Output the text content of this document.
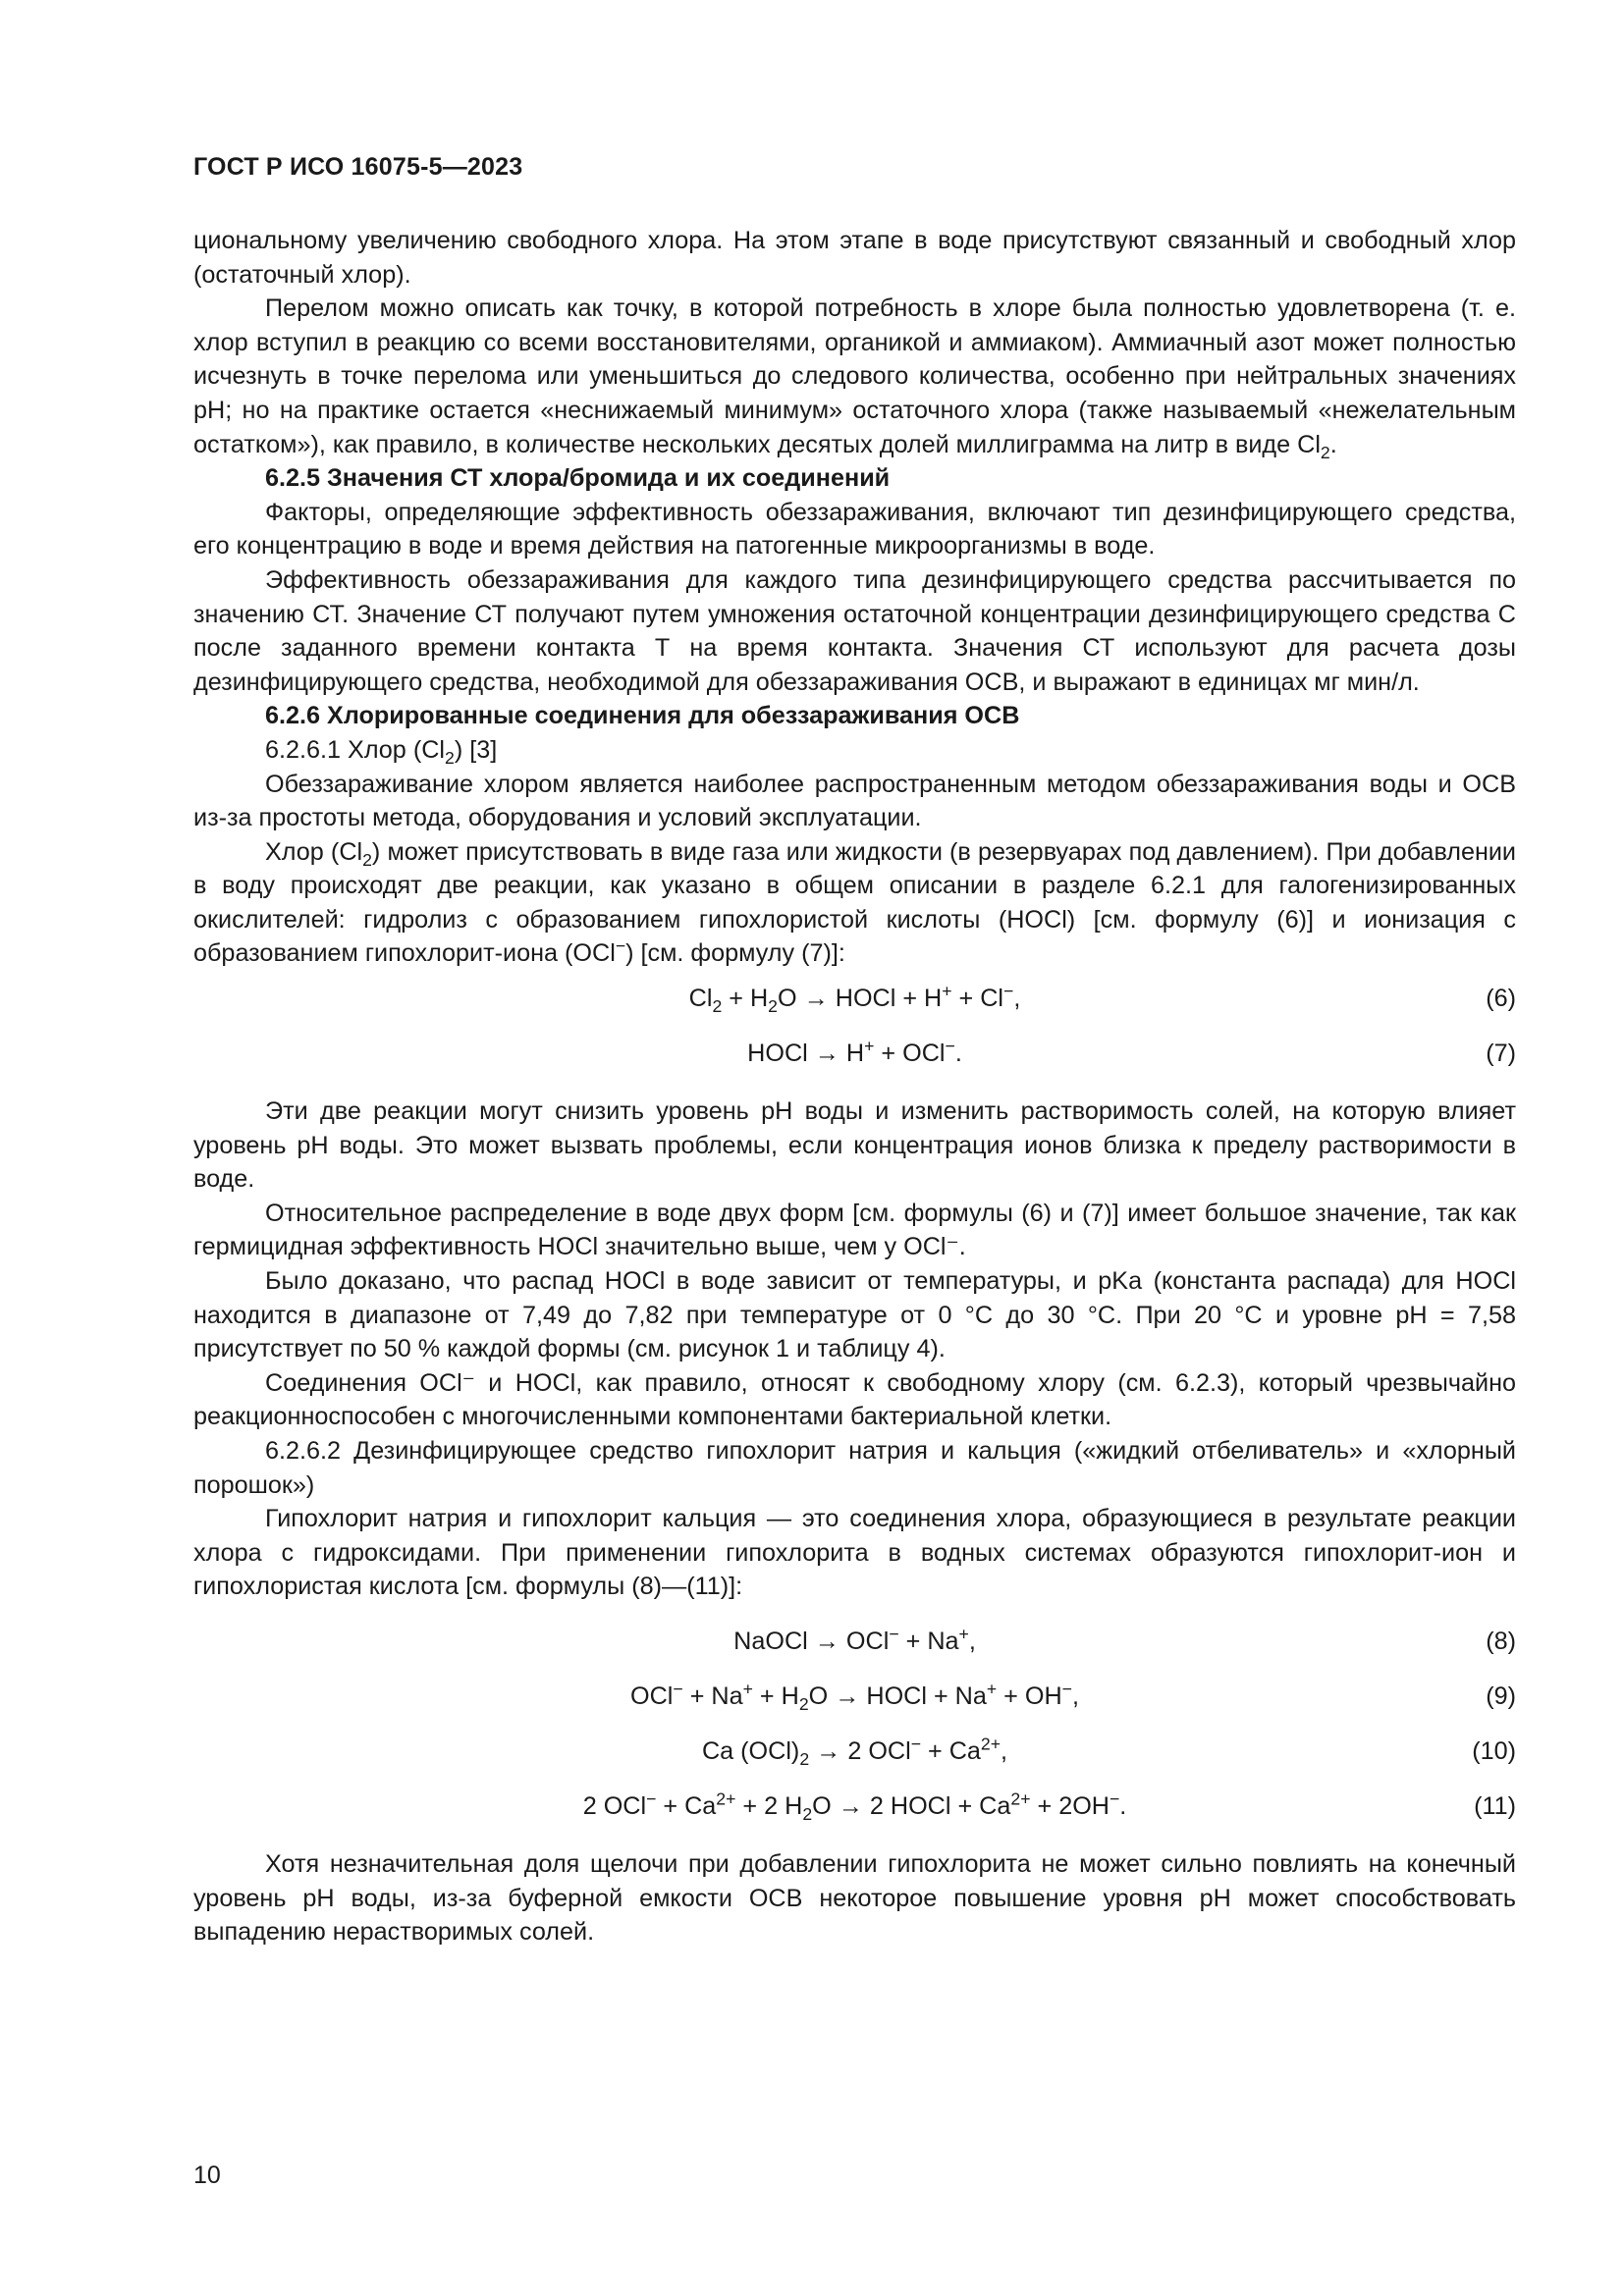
ГОСТ Р ИСО 16075-5—2023

циональному увеличению свободного хлора. На этом этапе в воде присутствуют связанный и свободный хлор (остаточный хлор).

Перелом можно описать как точку, в которой потребность в хлоре была полностью удовлетворена (т. е. хлор вступил в реакцию со всеми восстановителями, органикой и аммиаком). Аммиачный азот может полностью исчезнуть в точке перелома или уменьшиться до следового количества, особенно при нейтральных значениях pH; но на практике остается «неснижаемый минимум» остаточного хлора (также называемый «нежелательным остатком»), как правило, в количестве нескольких десятых долей миллиграмма на литр в виде $Cl_2$.

6.2.5 Значения СТ хлора/бромида и их соединений

Факторы, определяющие эффективность обеззараживания, включают тип дезинфицирующего средства, его концентрацию в воде и время действия на патогенные микроорганизмы в воде.

Эффективность обеззараживания для каждого типа дезинфицирующего средства рассчитывается по значению СТ. Значение СТ получают путем умножения остаточной концентрации дезинфицирующего средства С после заданного времени контакта Т на время контакта. Значения СТ используют для расчета дозы дезинфицирующего средства, необходимой для обеззараживания ОСВ, и выражают в единицах мг мин/л.

6.2.6 Хлорированные соединения для обеззараживания ОСВ

6.2.6.1 Хлор $(Cl_2)$ [3]

Обеззараживание хлором является наиболее распространенным методом обеззараживания воды и ОСВ из-за простоты метода, оборудования и условий эксплуатации.

Хлор $(Cl_2)$ может присутствовать в виде газа или жидкости (в резервуарах под давлением). При добавлении в воду происходят две реакции, как указано в общем описании в разделе 6.2.1 для галогенизированных окислителей: гидролиз с образованием гипохлористой кислоты (HOCl) [см. формулу (6)] и ионизация с образованием гипохлорит-иона (OCl−) [см. формулу (7)]:

$Cl_2 + H_2O$ → HOCl + H+ + Cl−,	(6)
HOCl → H+ + OCl−.	(7)

Эти две реакции могут снизить уровень pH воды и изменить растворимость солей, на которую влияет уровень pH воды. Это может вызвать проблемы, если концентрация ионов близка к пределу растворимости в воде.

Относительное распределение в воде двух форм [см. формулы (6) и (7)] имеет большое значение, так как гермицидная эффективность HOCl значительно выше, чем у OCl⁻.

Было доказано, что распад HOCl в воде зависит от температуры, и pKa (константа распада) для HOCl находится в диапазоне от 7,49 до 7,82 при температуре от 0 °C до 30 °C. При 20 °C и уровне pH = 7,58 присутствует по 50 % каждой формы (см. рисунок 1 и таблицу 4).

Соединения OCl⁻ и HOCl, как правило, относят к свободному хлору (см. 6.2.3), который чрезвычайно реакционноспособен с многочисленными компонентами бактериальной клетки.

6.2.6.2 Дезинфицирующее средство гипохлорит натрия и кальция («жидкий отбеливатель» и «хлорный порошок»)

Гипохлорит натрия и гипохлорит кальция — это соединения хлора, образующиеся в результате реакции хлора с гидроксидами. При применении гипохлорита в водных системах образуются гипохлорит-ион и гипохлористая кислота [см. формулы (8)—(11)]:

NaOCl → OCl− + Na+,	(8)
$OCl^- + Na^+ + H_2O$ → HOCl + Na+ + OH−,	(9)
Ca $(OCl)_2 \to 2$ $OCl^- + Ca^{2+}$,	(10)
2 $OCl^- + Ca^{2+} + 2$ $H_2O \to 2$ HOCl + $Ca^{2+} + 2OH^-$.	(11)

Хотя незначительная доля щелочи при добавлении гипохлорита не может сильно повлиять на конечный уровень pH воды, из-за буферной емкости ОСВ некоторое повышение уровня pH может способствовать выпадению нерастворимых солей.

10
